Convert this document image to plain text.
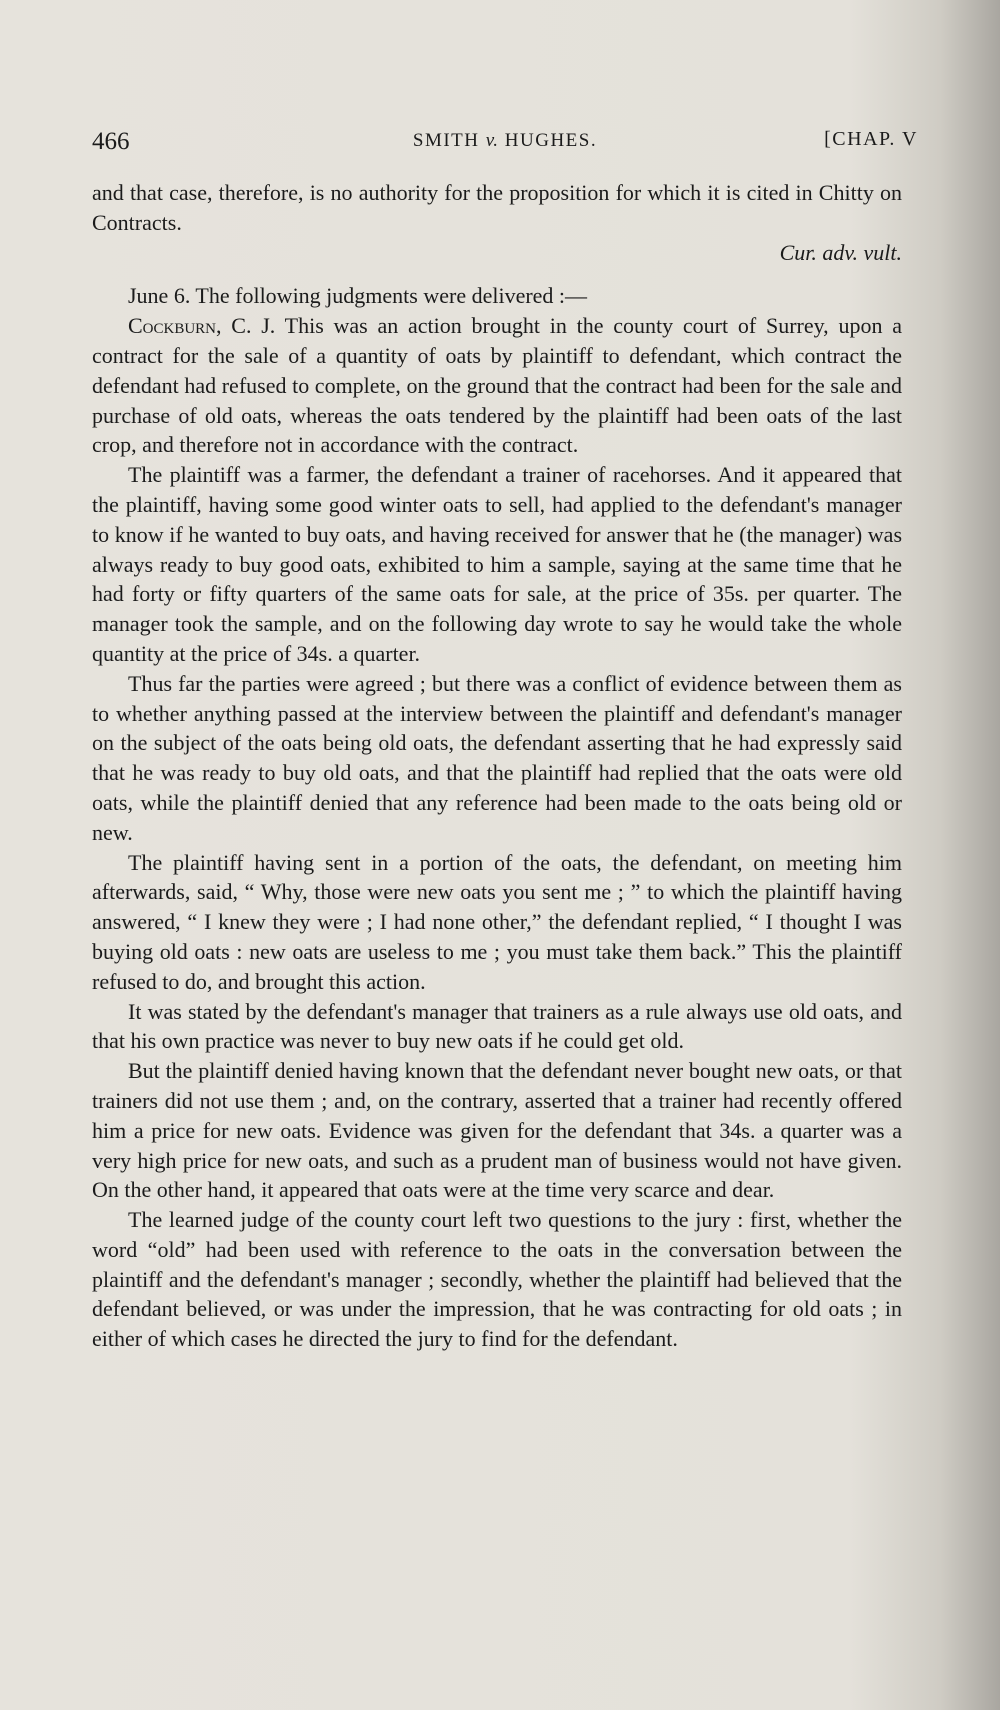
466	SMITH v. HUGHES.	[CHAP. V

and that case, therefore, is no authority for the proposition for which it is cited in Chitty on Contracts.

Cur. adv. vult.

June 6. The following judgments were delivered :—

Cockburn, C. J. This was an action brought in the county court of Surrey, upon a contract for the sale of a quantity of oats by plaintiff to defendant, which contract the defendant had refused to complete, on the ground that the contract had been for the sale and purchase of old oats, whereas the oats tendered by the plaintiff had been oats of the last crop, and therefore not in accordance with the contract.

The plaintiff was a farmer, the defendant a trainer of racehorses. And it appeared that the plaintiff, having some good winter oats to sell, had applied to the defendant's manager to know if he wanted to buy oats, and having received for answer that he (the manager) was always ready to buy good oats, exhibited to him a sample, saying at the same time that he had forty or fifty quarters of the same oats for sale, at the price of 35s. per quarter. The manager took the sample, and on the following day wrote to say he would take the whole quantity at the price of 34s. a quarter.

Thus far the parties were agreed ; but there was a conflict of evidence between them as to whether anything passed at the interview between the plaintiff and defendant's manager on the subject of the oats being old oats, the defendant asserting that he had expressly said that he was ready to buy old oats, and that the plaintiff had replied that the oats were old oats, while the plaintiff denied that any reference had been made to the oats being old or new.

The plaintiff having sent in a portion of the oats, the defendant, on meeting him afterwards, said, “ Why, those were new oats you sent me ; ” to which the plaintiff having answered, “ I knew they were ; I had none other,” the defendant replied, “ I thought I was buying old oats : new oats are useless to me ; you must take them back.” This the plaintiff refused to do, and brought this action.

It was stated by the defendant's manager that trainers as a rule always use old oats, and that his own practice was never to buy new oats if he could get old.

But the plaintiff denied having known that the defendant never bought new oats, or that trainers did not use them ; and, on the contrary, asserted that a trainer had recently offered him a price for new oats. Evidence was given for the defendant that 34s. a quarter was a very high price for new oats, and such as a prudent man of business would not have given. On the other hand, it appeared that oats were at the time very scarce and dear.

The learned judge of the county court left two questions to the jury : first, whether the word “old” had been used with reference to the oats in the conversation between the plaintiff and the defendant's manager ; secondly, whether the plaintiff had believed that the defendant believed, or was under the impression, that he was contracting for old oats ; in either of which cases he directed the jury to find for the defendant.
